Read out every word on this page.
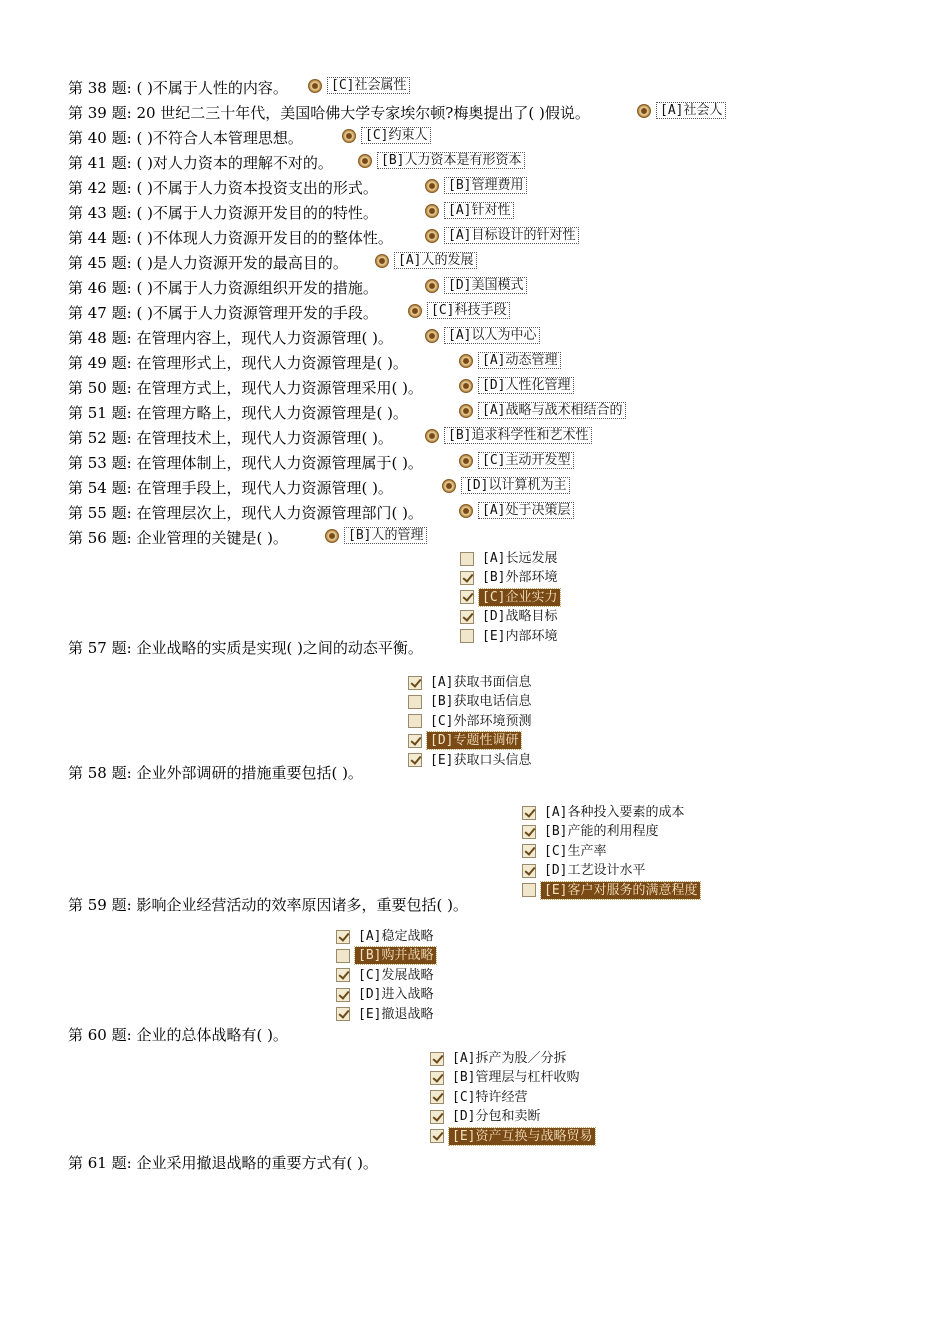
第 38 题: ( )不属于人性的内容。	[C]社会属性
第 39 题: 20 世纪二三十年代，美国哈佛大学专家埃尔顿?梅奥提出了( )假说。	[A]社会人
第 40 题: ( )不符合人本管理思想。	[C]约束人
第 41 题: ( )对人力资本的理解不对的。	[B]人力资本是有形资本
第 42 题: ( )不属于人力资本投资支出的形式。	[B]管理费用
第 43 题: ( )不属于人力资源开发目的的特性。	[A]针对性
第 44 题: ( )不体现人力资源开发目的的整体性。	[A]目标设计的针对性
第 45 题: ( )是人力资源开发的最高目的。	[A]人的发展
第 46 题: ( )不属于人力资源组织开发的措施。	[D]美国模式
第 47 题: ( )不属于人力资源管理开发的手段。	[C]科技手段
第 48 题: 在管理内容上，现代人力资源管理( )。	[A]以人为中心
第 49 题: 在管理形式上，现代人力资源管理是( )。	[A]动态管理
第 50 题: 在管理方式上，现代人力资源管理采用( )。	[D]人性化管理
第 51 题: 在管理方略上，现代人力资源管理是( )。	[A]战略与战术相结合的
第 52 题: 在管理技术上，现代人力资源管理( )。	[B]追求科学性和艺术性
第 53 题: 在管理体制上，现代人力资源管理属于( )。	[C]主动开发型
第 54 题: 在管理手段上，现代人力资源管理( )。	[D]以计算机为主
第 55 题: 在管理层次上，现代人力资源管理部门( )。	[A]处于决策层
第 56 题: 企业管理的关键是( )。	[B]人的管理
第 57 题: 企业战略的实质是实现( )之间的动态平衡。
[A]长远发展
[B]外部环境
[C]企业实力
[D]战略目标
[E]内部环境
第 58 题: 企业外部调研的措施重要包括( )。
[A]获取书面信息
[B]获取电话信息
[C]外部环境预测
[D]专题性调研
[E]获取口头信息
第 59 题: 影响企业经营活动的效率原因诸多，重要包括( )。
[A]各种投入要素的成本
[B]产能的利用程度
[C]生产率
[D]工艺设计水平
[E]客户对服务的满意程度
第 60 题: 企业的总体战略有( )。
[A]稳定战略
[B]购并战略
[C]发展战略
[D]进入战略
[E]撤退战略
第 61 题: 企业采用撤退战略的重要方式有( )。
[A]拆产为股／分拆
[B]管理层与杠杆收购
[C]特许经营
[D]分包和卖断
[E]资产互换与战略贸易
